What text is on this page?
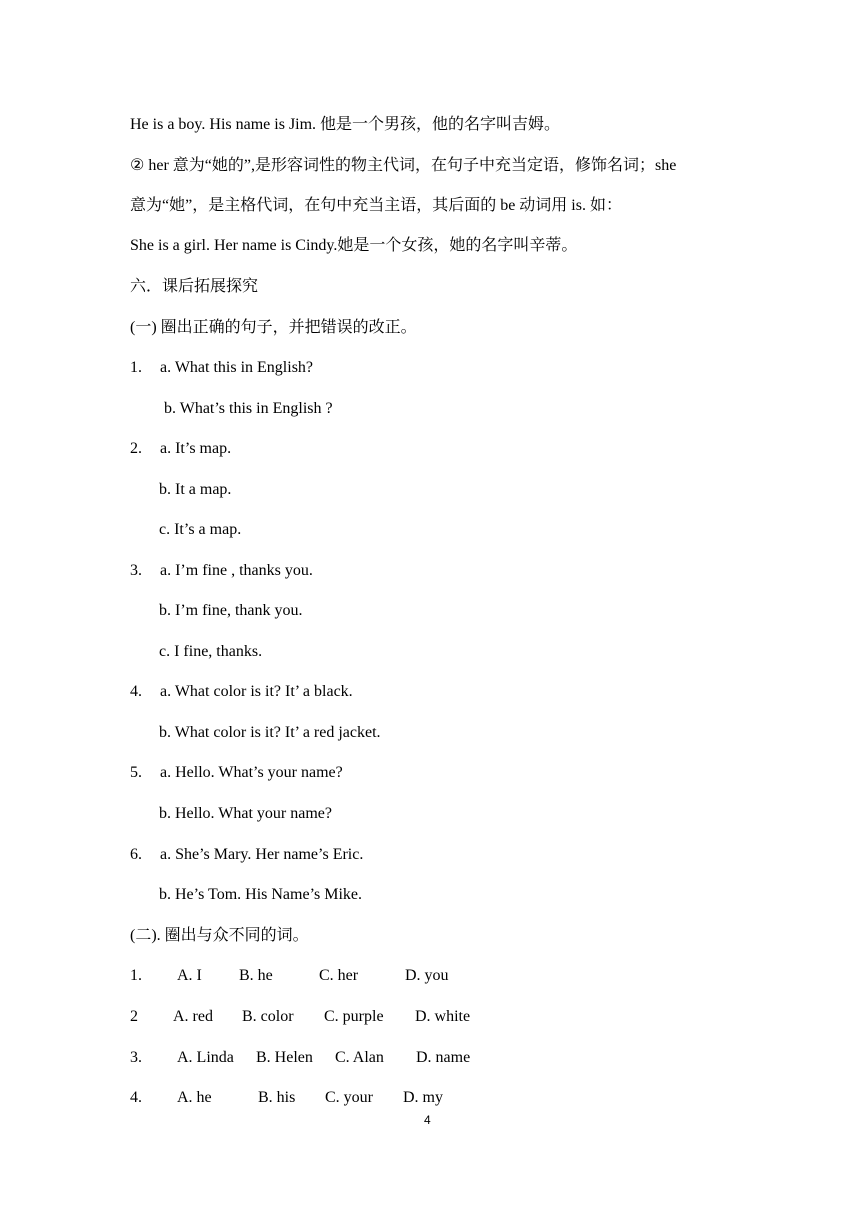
He is a boy. His name is Jim. 他是一个男孩，他的名字叫吉姆。
② her 意为“她的”,是形容词性的物主代词，在句子中充当定语，修饰名词；she
意为“她”，是主格代词，在句中充当主语，其后面的 be 动词用 is. 如：
She is a girl. Her name is Cindy.她是一个女孩，她的名字叫辛蒂。
六．课后拓展探究
(一) 圈出正确的句子，并把错误的改正。
1. a. What this in English?
b. What’s this in English ?
2. a. It’s map.
b. It a map.
c. It’s a map.
3. a. I’m fine , thanks you.
b. I’m fine, thank you.
c. I fine, thanks.
4. a. What color is it? It’ a black.
b. What color is it? It’ a red jacket.
5. a. Hello. What’s your name?
b. Hello. What your name?
6. a. She’s Mary. Her name’s Eric.
b. He’s Tom. His Name’s Mike.
(二). 圈出与众不同的词。
1. A. I B. he	C. her	D. you
2 A. red B. color C. purple D. white
3. A. Linda B. Helen C. Alan D. name
4. A. he	B. his C. your D. my
4
